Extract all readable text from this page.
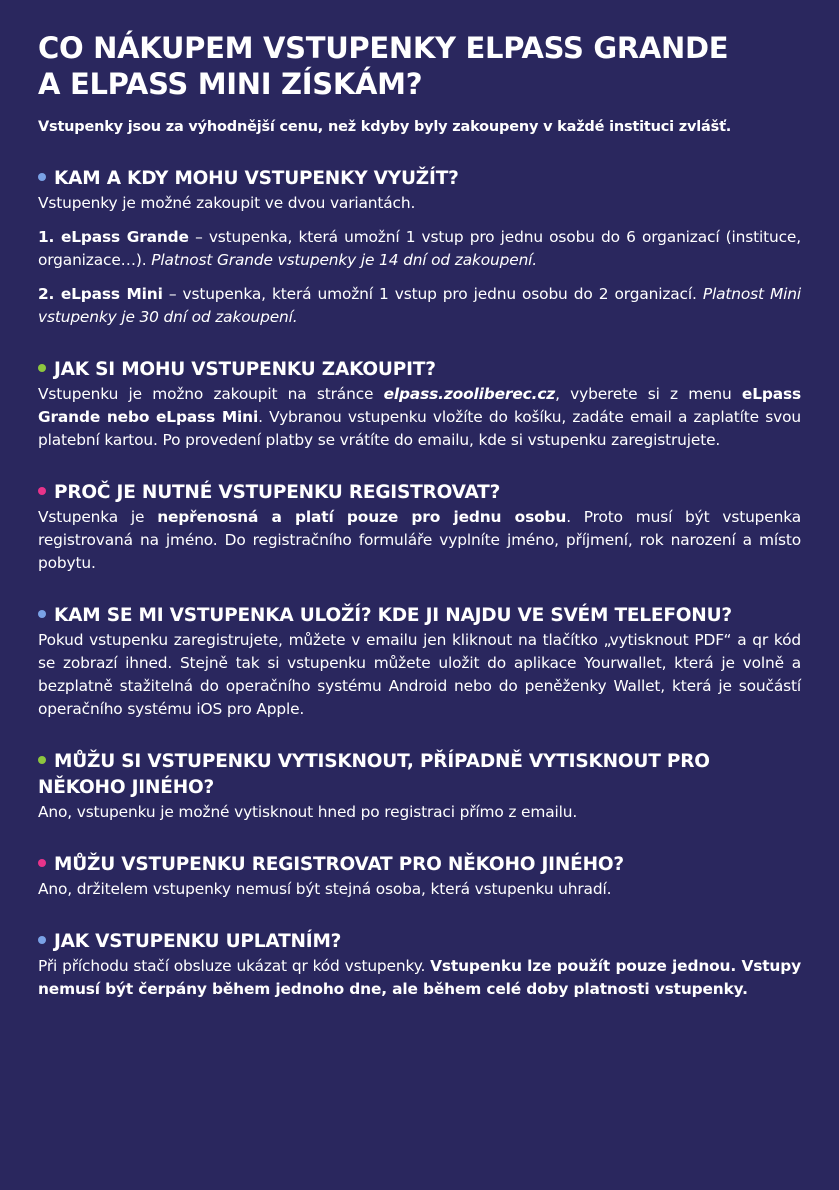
CO NÁKUPEM VSTUPENKY ELPASS GRANDE
A ELPASS MINI ZÍSKÁM?

Vstupenky jsou za výhodnější cenu, než kdyby byly zakoupeny v každé instituci zvlášť.

KAM A KDY MOHU VSTUPENKY VYUŽÍT?

Vstupenky je možné zakoupit ve dvou variantách.

1. eLpass Grande – vstupenka, která umožní 1 vstup pro jednu osobu do 6 organizací (instituce, organizace…). Platnost Grande vstupenky je 14 dní od zakoupení.

2. eLpass Mini – vstupenka, která umožní 1 vstup pro jednu osobu do 2 organizací. Platnost Mini vstupenky je 30 dní od zakoupení.

JAK SI MOHU VSTUPENKU ZAKOUPIT?

Vstupenku je možno zakoupit na stránce elpass.zooliberec.cz, vyberete si z menu eLpass Grande nebo eLpass Mini. Vybranou vstupenku vložíte do košíku, zadáte email a zaplatíte svou platební kartou. Po provedení platby se vrátíte do emailu, kde si vstupenku zaregistrujete.

PROČ JE NUTNÉ VSTUPENKU REGISTROVAT?

Vstupenka je nepřenosná a platí pouze pro jednu osobu. Proto musí být vstupenka registrovaná na jméno. Do registračního formuláře vyplníte jméno, příjmení, rok narození a místo pobytu.

KAM SE MI VSTUPENKA ULOŽÍ? KDE JI NAJDU VE SVÉM TELEFONU?

Pokud vstupenku zaregistrujete, můžete v emailu jen kliknout na tlačítko „vytisknout PDF“ a qr kód se zobrazí ihned. Stejně tak si vstupenku můžete uložit do aplikace Yourwallet, která je volně a bezplatně stažitelná do operačního systému Android nebo do peněženky Wallet, která je součástí operačního systému iOS pro Apple.

MŮŽU SI VSTUPENKU VYTISKNOUT, PŘÍPADNĚ VYTISKNOUT PRO NĚKOHO JINÉHO?

Ano, vstupenku je možné vytisknout hned po registraci přímo z emailu.

MŮŽU VSTUPENKU REGISTROVAT PRO NĚKOHO JINÉHO?

Ano, držitelem vstupenky nemusí být stejná osoba, která vstupenku uhradí.

JAK VSTUPENKU UPLATNÍM?

Při příchodu stačí obsluze ukázat qr kód vstupenky. Vstupenku lze použít pouze jednou. Vstupy nemusí být čerpány během jednoho dne, ale během celé doby platnosti vstupenky.
